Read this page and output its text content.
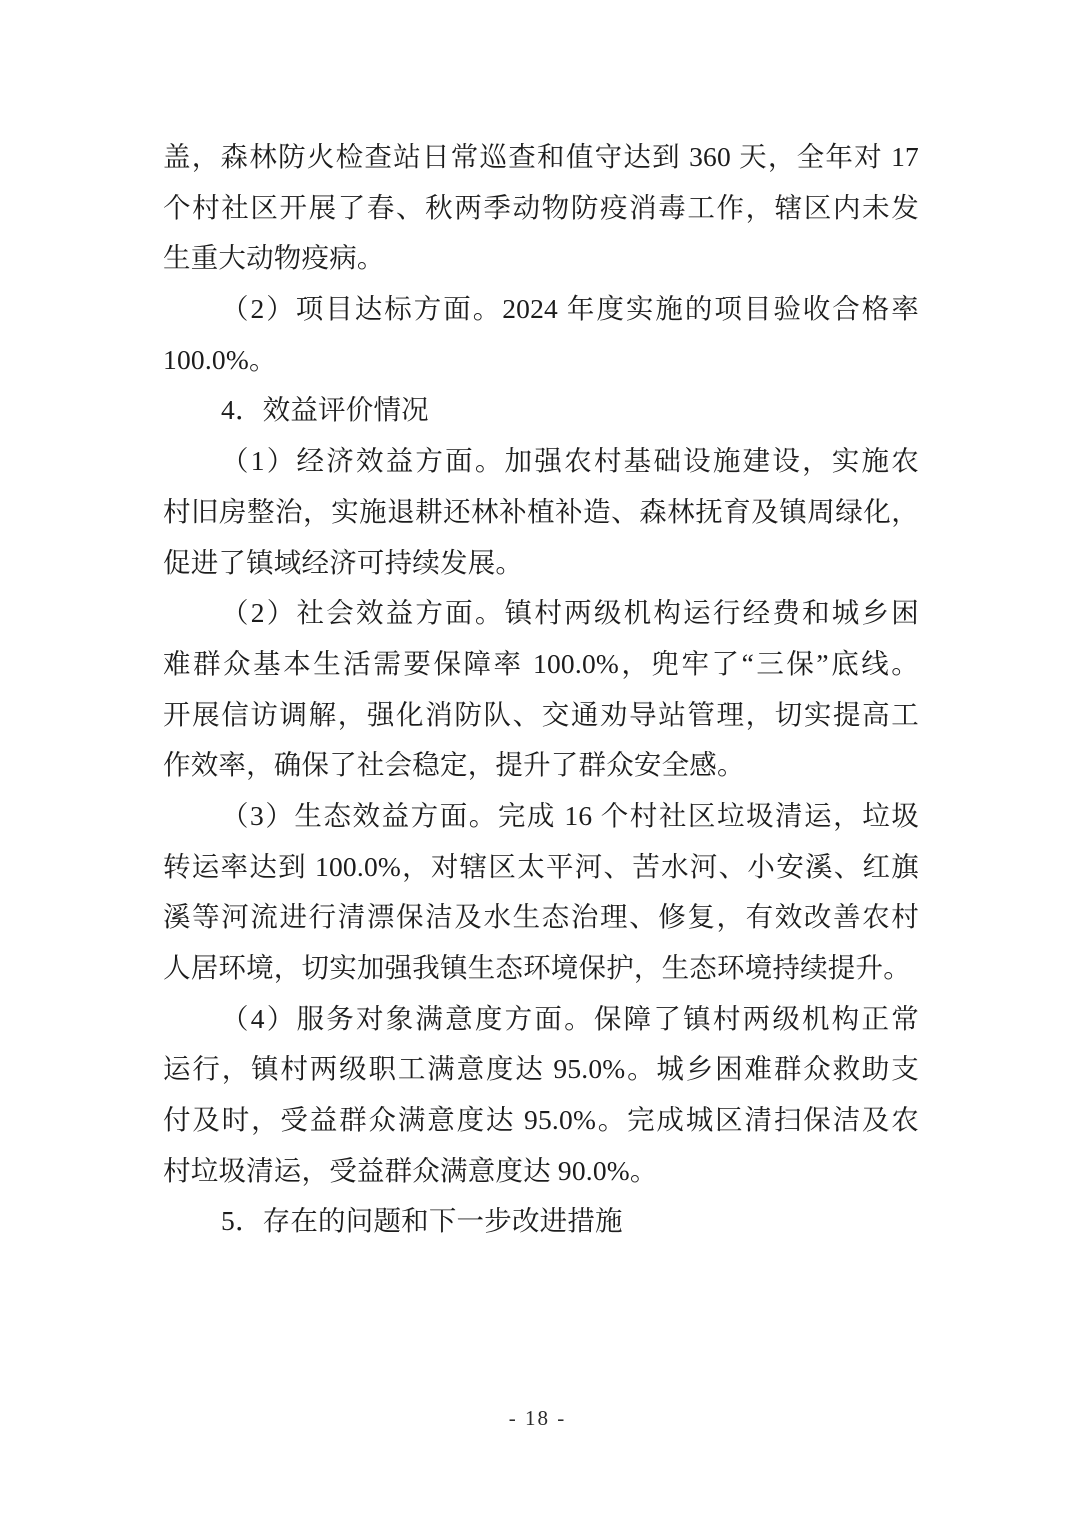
盖，森林防火检查站日常巡查和值守达到 360 天，全年对 17
个村社区开展了春、秋两季动物防疫消毒工作，辖区内未发
生重大动物疫病。
（2）项目达标方面。2024 年度实施的项目验收合格率
100.0%。
4．效益评价情况
（1）经济效益方面。加强农村基础设施建设，实施农
村旧房整治，实施退耕还林补植补造、森林抚育及镇周绿化，
促进了镇域经济可持续发展。
（2）社会效益方面。镇村两级机构运行经费和城乡困
难群众基本生活需要保障率 100.0%，兜牢了“三保”底线。
开展信访调解，强化消防队、交通劝导站管理，切实提高工
作效率，确保了社会稳定，提升了群众安全感。
（3）生态效益方面。完成 16 个村社区垃圾清运，垃圾
转运率达到 100.0%，对辖区太平河、苦水河、小安溪、红旗
溪等河流进行清漂保洁及水生态治理、修复，有效改善农村
人居环境，切实加强我镇生态环境保护，生态环境持续提升。
（4）服务对象满意度方面。保障了镇村两级机构正常
运行，镇村两级职工满意度达 95.0%。城乡困难群众救助支
付及时，受益群众满意度达 95.0%。完成城区清扫保洁及农
村垃圾清运，受益群众满意度达 90.0%。
5．存在的问题和下一步改进措施
- 18 -
